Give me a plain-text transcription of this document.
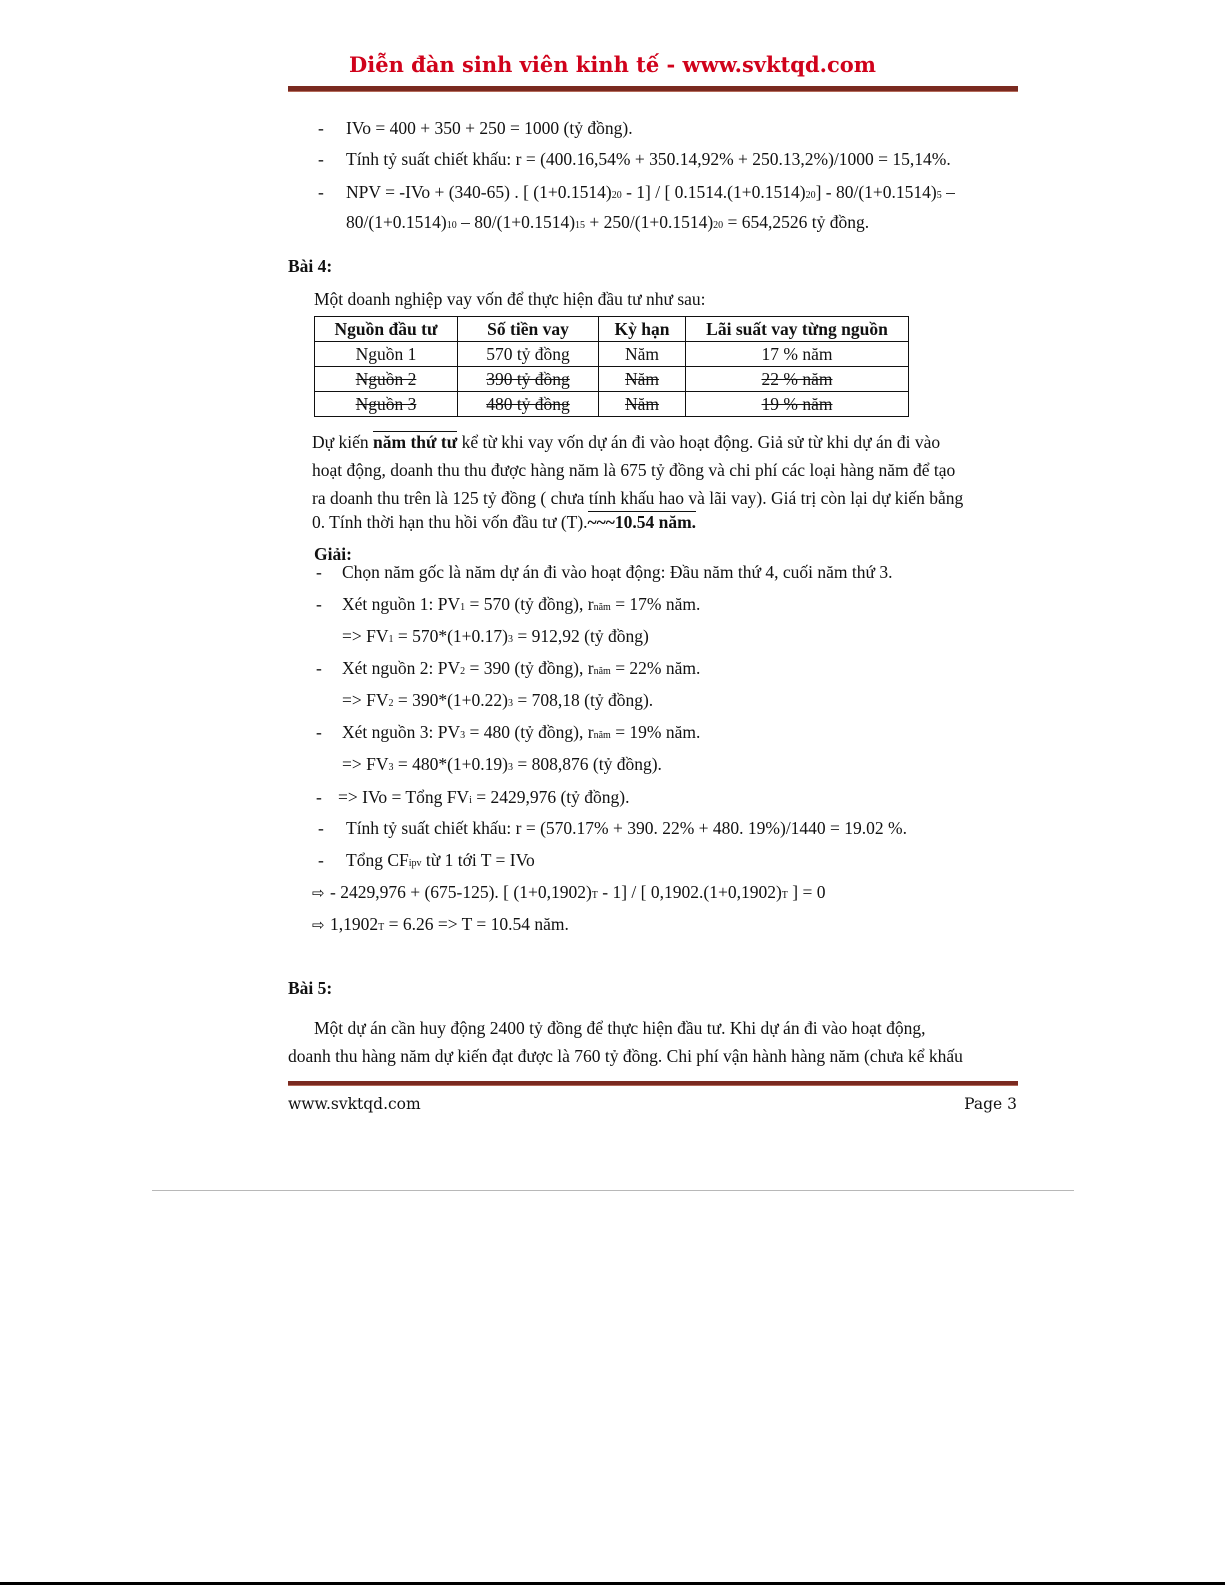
Diễn đàn sinh viên kinh tế - www.svktqd.com
- IVo = 400 + 350 + 250 = 1000 (tỷ đồng).
- Tính tỷ suất chiết khấu: r = (400.16,54% + 350.14,92% + 250.13,2%)/1000 = 15,14%.
- NPV = -IVo + (340-65) . [ (1+0.1514)20 - 1] / [ 0.1514.(1+0.1514)20] - 80/(1+0.1514)5 –
80/(1+0.1514)10 – 80/(1+0.1514)15 + 250/(1+0.1514)20 = 654,2526 tỷ đồng.
Bài 4:
Một doanh nghiệp vay vốn để thực hiện đầu tư như sau:
Nguồn đầu tư	Số tiền vay	Kỳ hạn	Lãi suất vay từng nguồn
Nguồn 1	570 tỷ đồng	Năm	17 % năm
Nguồn 2	390 tỷ đồng	Năm	22 % năm
Nguồn 3	480 tỷ đồng	Năm	19 % năm
Dự kiến năm thứ tư kể từ khi vay vốn dự án đi vào hoạt động. Giả sử từ khi dự án đi vào
hoạt động, doanh thu thu được hàng năm là 675 tỷ đồng và chi phí các loại hàng năm để tạo
ra doanh thu trên là 125 tỷ đồng ( chưa tính khấu hao và lãi vay). Giá trị còn lại dự kiến bằng
0. Tính thời hạn thu hồi vốn đầu tư (T).~~~10.54 năm.
Giải:
- Chọn năm gốc là năm dự án đi vào hoạt động: Đầu năm thứ 4, cuối năm thứ 3.
- Xét nguồn 1: PV1 = 570 (tỷ đồng), rnăm = 17% năm.
=> FV1 = 570*(1+0.17)3 = 912,92 (tỷ đồng)
- Xét nguồn 2: PV2 = 390 (tỷ đồng), rnăm = 22% năm.
=> FV2 = 390*(1+0.22)3 = 708,18 (tỷ đồng).
- Xét nguồn 3: PV3 = 480 (tỷ đồng), rnăm = 19% năm.
=> FV3 = 480*(1+0.19)3 = 808,876 (tỷ đồng).
- => IVo = Tổng FVi = 2429,976 (tỷ đồng).
- Tính tỷ suất chiết khấu: r = (570.17% + 390. 22% + 480. 19%)/1440 = 19.02 %.
- Tổng CFipv từ 1 tới T = IVo
⇨ - 2429,976 + (675-125). [ (1+0,1902)T - 1] / [ 0,1902.(1+0,1902)T ] = 0
⇨ 1,1902T = 6.26 => T = 10.54 năm.
Bài 5:
Một dự án cần huy động 2400 tỷ đồng để thực hiện đầu tư. Khi dự án đi vào hoạt động,
doanh thu hàng năm dự kiến đạt được là 760 tỷ đồng. Chi phí vận hành hàng năm (chưa kể khấu
www.svktqd.com	Page 3
